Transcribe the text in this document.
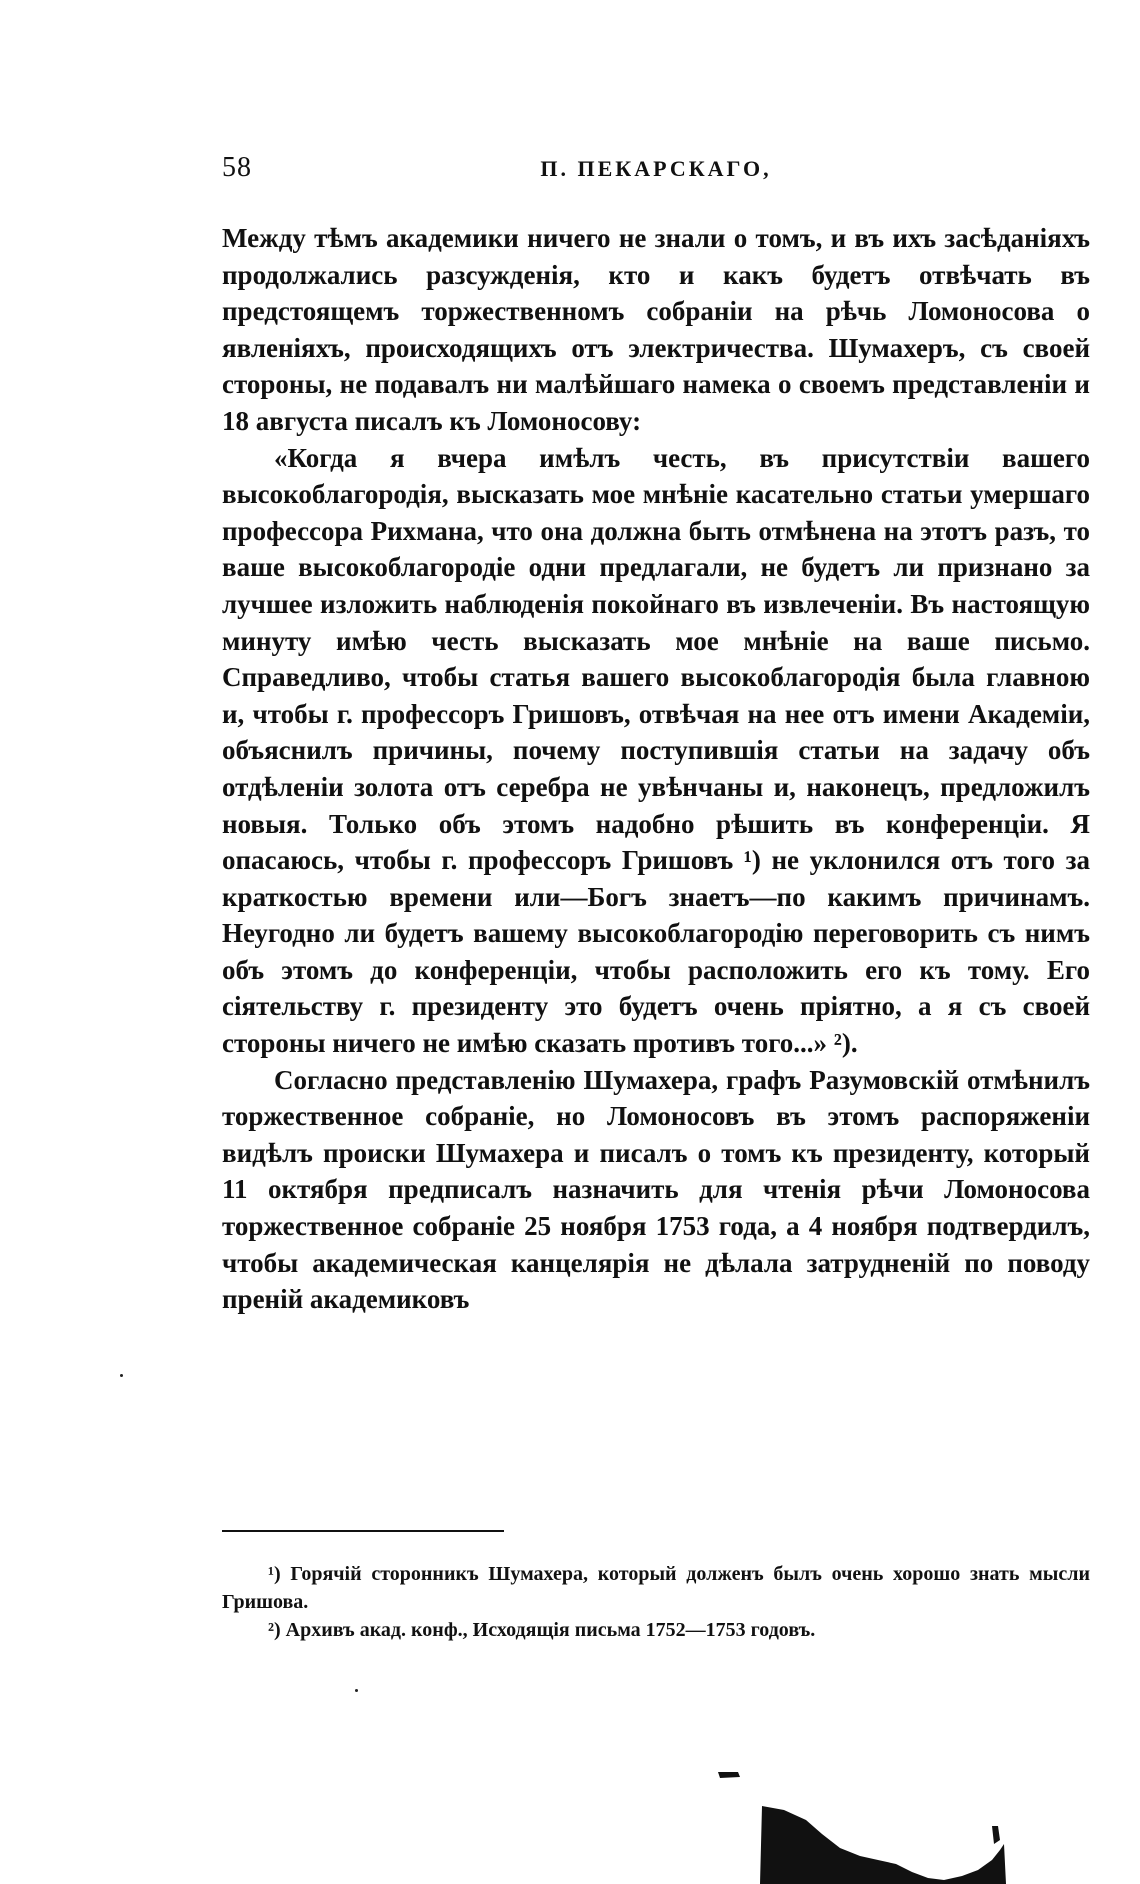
58	П. ПЕКАРСКАГО,

Между тѣмъ академики ничего не знали о томъ, и въ ихъ засѣданіяхъ продолжались разсужденія, кто и какъ будетъ отвѣчать въ предстоящемъ торжественномъ собраніи на рѣчь Ломоносова о явленіяхъ, происходящихъ отъ электричества. Шумахеръ, съ своей стороны, не подавалъ ни малѣйшаго намека о своемъ представленіи и 18 августа писалъ къ Ломоносову:

«Когда я вчера имѣлъ честь, въ присутствіи вашего высокоблагородія, высказать мое мнѣніе касательно статьи умершаго профессора Рихмана, что она должна быть отмѣнена на этотъ разъ, то ваше высокоблагородіе одни предлагали, не будетъ ли признано за лучшее изложить наблюденія покойнаго въ извлеченіи. Въ настоящую минуту имѣю честь высказать мое мнѣніе на ваше письмо. Справедливо, чтобы статья вашего высокоблагородія была главною и, чтобы г. профессоръ Гришовъ, отвѣчая на нее отъ имени Академіи, объяснилъ причины, почему поступившія статьи на задачу объ отдѣленіи золота отъ серебра не увѣнчаны и, наконецъ, предложилъ новыя. Только объ этомъ надобно рѣшить въ конференціи. Я опасаюсь, чтобы г. профессоръ Гришовъ ¹) не уклонился отъ того за краткостью времени или—Богъ знаетъ—по какимъ причинамъ. Неугодно ли будетъ вашему высокоблагородію переговорить съ нимъ объ этомъ до конференціи, чтобы расположить его къ тому. Его сіятельству г. президенту это будетъ очень пріятно, а я съ своей стороны ничего не имѣю сказать противъ того...» ²).

Согласно представленію Шумахера, графъ Разумовскій отмѣнилъ торжественное собраніе, но Ломоносовъ въ этомъ распоряженіи видѣлъ происки Шумахера и писалъ о томъ къ президенту, который 11 октября предписалъ назначить для чтенія рѣчи Ломоносова торжественное собраніе 25 ноября 1753 года, а 4 ноября подтвердилъ, чтобы академическая канцелярія не дѣлала затрудненій по поводу преній академиковъ

¹) Горячій сторонникъ Шумахера, который долженъ былъ очень хорошо знать мысли Гришова.

²) Архивъ акад. конф., Исходящія письма 1752—1753 годовъ.
